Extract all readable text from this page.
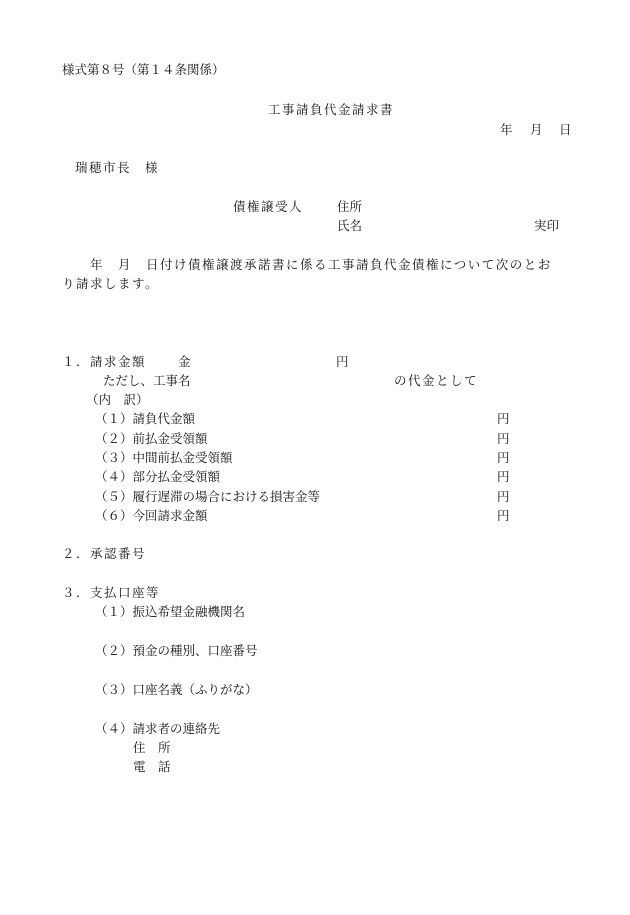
様式第８号（第１４条関係）
工事請負代金請求書
年 月 日
瑞穂市長　様
債権譲受人	住所
氏名	実印
年　月　日付け債権譲渡承諾書に係る工事請負代金債権について次のとお
り請求します。
１．請求金額	金	円
ただし、工事名	の代金として
（内　訳）
（１）請負代金額	円
（２）前払金受領額	円
（３）中間前払金受領額	円
（４）部分払金受領額	円
（５）履行遅滞の場合における損害金等	円
（６）今回請求金額	円
２．承認番号
３．支払口座等
（１）振込希望金融機関名
（２）預金の種別、口座番号
（３）口座名義（ふりがな）
（４）請求者の連絡先
住　所
電　話
